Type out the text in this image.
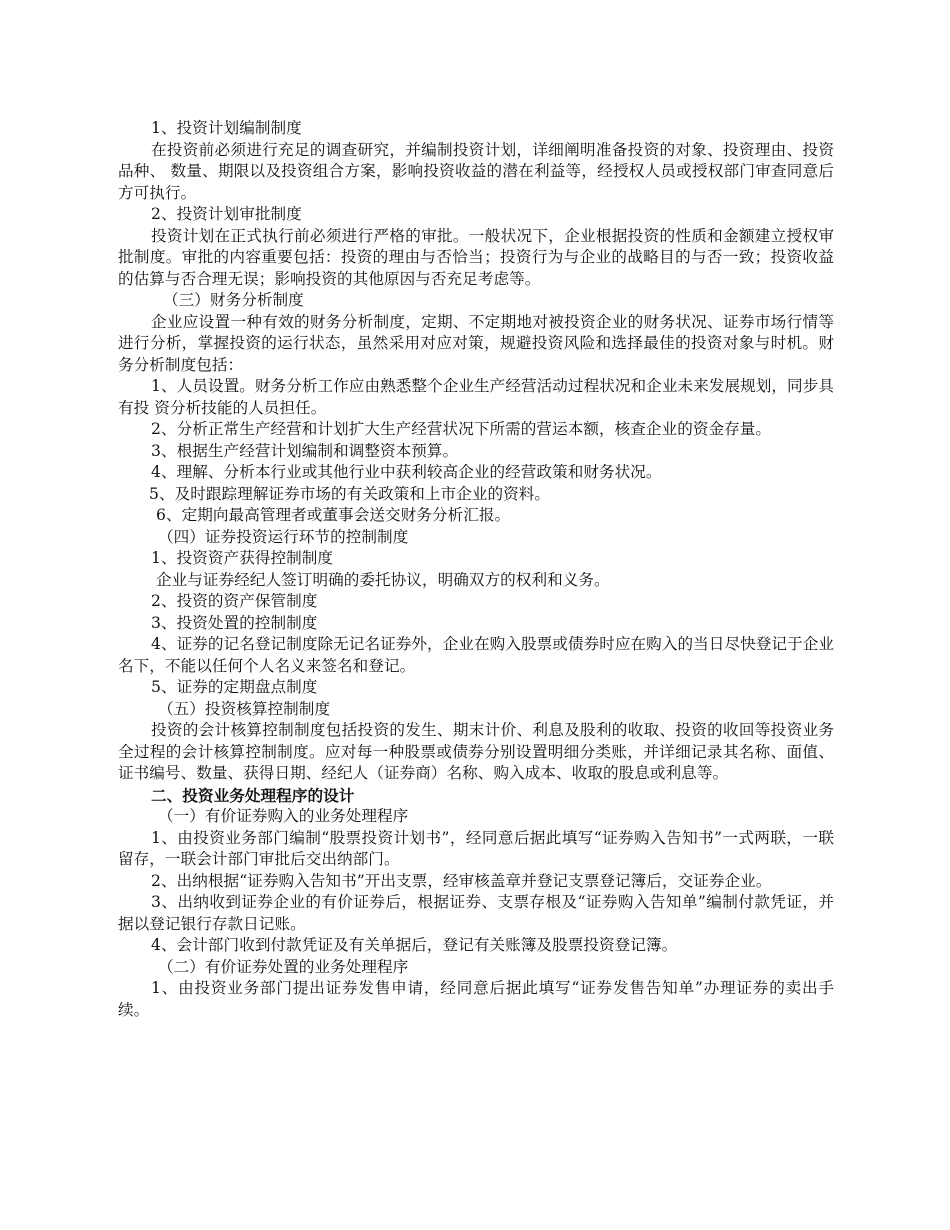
1、投资计划编制制度

在投资前必须进行充足的调查研究，并编制投资计划，详细阐明准备投资的对象、投资理由、投资品种、 数量、期限以及投资组合方案，影响投资收益的潜在利益等，经授权人员或授权部门审查同意后方可执行。

2、投资计划审批制度

投资计划在正式执行前必须进行严格的审批。一般状况下，企业根据投资的性质和金额建立授权审批制度。审批的内容重要包括：投资的理由与否恰当；投资行为与企业的战略目的与否一致；投资收益的估算与否合理无误；影响投资的其他原因与否充足考虑等。

（三）财务分析制度

企业应设置一种有效的财务分析制度，定期、不定期地对被投资企业的财务状况、证券市场行情等进行分析，掌握投资的运行状态，虽然采用对应对策，规避投资风险和选择最佳的投资对象与时机。财务分析制度包括：

1、人员设置。财务分析工作应由熟悉整个企业生产经营活动过程状况和企业未来发展规划，同步具有投 资分析技能的人员担任。

2、分析正常生产经营和计划扩大生产经营状况下所需的营运本额，核查企业的资金存量。

3、根据生产经营计划编制和调整资本预算。

4、理解、分析本行业或其他行业中获利较高企业的经营政策和财务状况。

5、及时跟踪理解证券市场的有关政策和上市企业的资料。

6、定期向最高管理者或董事会送交财务分析汇报。

（四）证券投资运行环节的控制制度

1、投资资产获得控制制度

企业与证券经纪人签订明确的委托协议，明确双方的权利和义务。

2、投资的资产保管制度

3、投资处置的控制制度

4、证券的记名登记制度除无记名证券外，企业在购入股票或债券时应在购入的当日尽快登记于企业名下，不能以任何个人名义来签名和登记。

5、证券的定期盘点制度

（五）投资核算控制制度

投资的会计核算控制制度包括投资的发生、期末计价、利息及股利的收取、投资的收回等投资业务全过程的会计核算控制制度。应对每一种股票或债券分别设置明细分类账，并详细记录其名称、面值、证书编号、数量、获得日期、经纪人（证券商）名称、购入成本、收取的股息或利息等。

二、投资业务处理程序的设计

（一）有价证券购入的业务处理程序

1、由投资业务部门编制“股票投资计划书”，经同意后据此填写“证券购入告知书”一式两联，一联留存，一联会计部门审批后交出纳部门。

2、出纳根据“证券购入告知书”开出支票，经审核盖章并登记支票登记簿后，交证券企业。

3、出纳收到证券企业的有价证券后，根据证券、支票存根及“证券购入告知单”编制付款凭证，并据以登记银行存款日记账。

4、会计部门收到付款凭证及有关单据后，登记有关账簿及股票投资登记簿。

（二）有价证券处置的业务处理程序

1、由投资业务部门提出证券发售申请，经同意后据此填写“证券发售告知单”办理证券的卖出手续。
